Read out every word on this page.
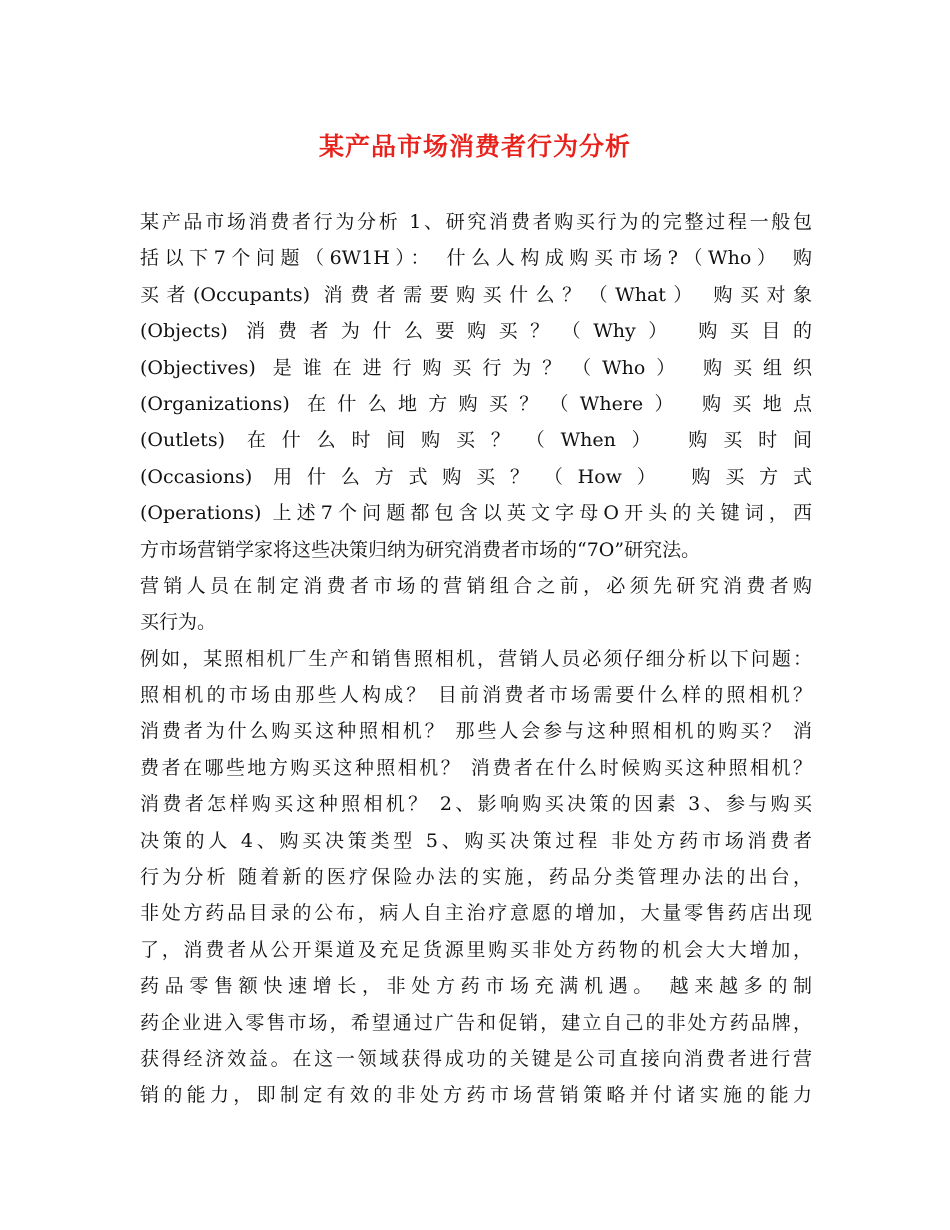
某产品市场消费者行为分析
某产品市场消费者行为分析 1、研究消费者购买行为的完整过程一般包
括以下7个问题（6W1H）： 什么人构成购买市场?（Who） 购
买者(Occupants) 消费者需要购买什么？（What） 购买对象
(Objects) 消费者为什么要购买？（Why） 购买目的
(Objectives) 是谁在进行购买行为？（Who） 购买组织
(Organizations) 在什么地方购买？（Where） 购买地点
(Outlets) 在什么时间购买？（When） 购买时间
(Occasions) 用什么方式购买？（How） 购买方式
(Operations) 上述7个问题都包含以英文字母O开头的关键词，西
方市场营销学家将这些决策归纳为研究消费者市场的“7O”研究法。
营销人员在制定消费者市场的营销组合之前，必须先研究消费者购
买行为。
例如，某照相机厂生产和销售照相机，营销人员必须仔细分析以下问题：
照相机的市场由那些人构成？ 目前消费者市场需要什么样的照相机？
消费者为什么购买这种照相机？ 那些人会参与这种照相机的购买？ 消
费者在哪些地方购买这种照相机？ 消费者在什么时候购买这种照相机？
消费者怎样购买这种照相机？ 2、影响购买决策的因素 3、参与购买
决策的人 4、购买决策类型 5、购买决策过程 非处方药市场消费者
行为分析 随着新的医疗保险办法的实施，药品分类管理办法的出台，
非处方药品目录的公布，病人自主治疗意愿的增加，大量零售药店出现
了，消费者从公开渠道及充足货源里购买非处方药物的机会大大增加，
药品零售额快速增长，非处方药市场充满机遇。 越来越多的制
药企业进入零售市场，希望通过广告和促销，建立自己的非处方药品牌，
获得经济效益。在这一领域获得成功的关键是公司直接向消费者进行营
销的能力，即制定有效的非处方药市场营销策略并付诸实施的能力
